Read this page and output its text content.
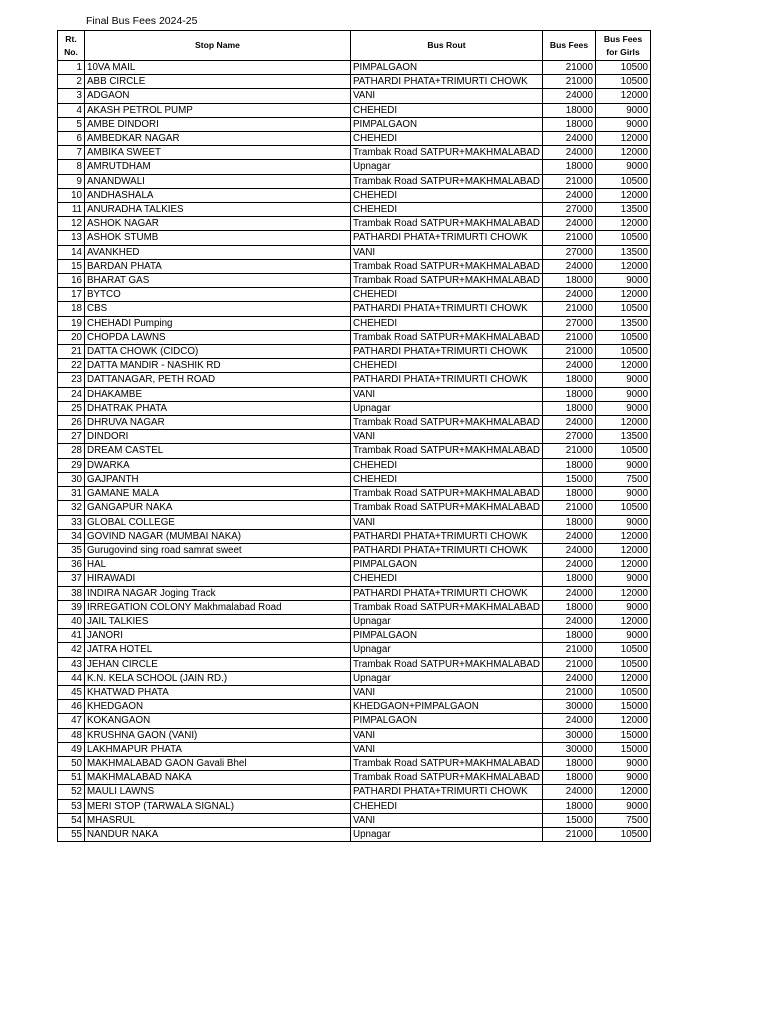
Final Bus Fees 2024-25
Rt.
No.	Stop Name	Bus Rout	Bus Fees	Bus Fees
for Girls
1	10VA MAIL	PIMPALGAON	21000	10500
2	ABB CIRCLE	PATHARDI PHATA+TRIMURTI CHOWK	21000	10500
3	ADGAON	VANI	24000	12000
4	AKASH PETROL PUMP	CHEHEDI	18000	9000
5	AMBE DINDORI	PIMPALGAON	18000	9000
6	AMBEDKAR NAGAR	CHEHEDI	24000	12000
7	AMBIKA SWEET	Trambak Road SATPUR+MAKHMALABAD	24000	12000
8	AMRUTDHAM	Upnagar	18000	9000
9	ANANDWALI	Trambak Road SATPUR+MAKHMALABAD	21000	10500
10	ANDHASHALA	CHEHEDI	24000	12000
11	ANURADHA TALKIES	CHEHEDI	27000	13500
12	ASHOK NAGAR	Trambak Road SATPUR+MAKHMALABAD	24000	12000
13	ASHOK STUMB	PATHARDI PHATA+TRIMURTI CHOWK	21000	10500
14	AVANKHED	VANI	27000	13500
15	BARDAN PHATA	Trambak Road SATPUR+MAKHMALABAD	24000	12000
16	BHARAT GAS	Trambak Road SATPUR+MAKHMALABAD	18000	9000
17	BYTCO	CHEHEDI	24000	12000
18	CBS	PATHARDI PHATA+TRIMURTI CHOWK	21000	10500
19	CHEHADI Pumping	CHEHEDI	27000	13500
20	CHOPDA LAWNS	Trambak Road SATPUR+MAKHMALABAD	21000	10500
21	DATTA CHOWK (CIDCO)	PATHARDI PHATA+TRIMURTI CHOWK	21000	10500
22	DATTA MANDIR - NASHIK RD	CHEHEDI	24000	12000
23	DATTANAGAR, PETH ROAD	PATHARDI PHATA+TRIMURTI CHOWK	18000	9000
24	DHAKAMBE	VANI	18000	9000
25	DHATRAK PHATA	Upnagar	18000	9000
26	DHRUVA NAGAR	Trambak Road SATPUR+MAKHMALABAD	24000	12000
27	DINDORI	VANI	27000	13500
28	DREAM CASTEL	Trambak Road SATPUR+MAKHMALABAD	21000	10500
29	DWARKA	CHEHEDI	18000	9000
30	GAJPANTH	CHEHEDI	15000	7500
31	GAMANE MALA	Trambak Road SATPUR+MAKHMALABAD	18000	9000
32	GANGAPUR NAKA	Trambak Road SATPUR+MAKHMALABAD	21000	10500
33	GLOBAL COLLEGE	VANI	18000	9000
34	GOVIND NAGAR (MUMBAI NAKA)	PATHARDI PHATA+TRIMURTI CHOWK	24000	12000
35	Gurugovind sing road samrat sweet	PATHARDI PHATA+TRIMURTI CHOWK	24000	12000
36	HAL	PIMPALGAON	24000	12000
37	HIRAWADI	CHEHEDI	18000	9000
38	INDIRA NAGAR Joging Track	PATHARDI PHATA+TRIMURTI CHOWK	24000	12000
39	IRREGATION COLONY Makhmalabad Road	Trambak Road SATPUR+MAKHMALABAD	18000	9000
40	JAIL TALKIES	Upnagar	24000	12000
41	JANORI	PIMPALGAON	18000	9000
42	JATRA HOTEL	Upnagar	21000	10500
43	JEHAN CIRCLE	Trambak Road SATPUR+MAKHMALABAD	21000	10500
44	K.N. KELA SCHOOL (JAIN RD.)	Upnagar	24000	12000
45	KHATWAD PHATA	VANI	21000	10500
46	KHEDGAON	KHEDGAON+PIMPALGAON	30000	15000
47	KOKANGAON	PIMPALGAON	24000	12000
48	KRUSHNA GAON (VANI)	VANI	30000	15000
49	LAKHMAPUR PHATA	VANI	30000	15000
50	MAKHMALABAD GAON Gavali Bhel	Trambak Road SATPUR+MAKHMALABAD	18000	9000
51	MAKHMALABAD NAKA	Trambak Road SATPUR+MAKHMALABAD	18000	9000
52	MAULI LAWNS	PATHARDI PHATA+TRIMURTI CHOWK	24000	12000
53	MERI STOP (TARWALA SIGNAL)	CHEHEDI	18000	9000
54	MHASRUL	VANI	15000	7500
55	NANDUR NAKA	Upnagar	21000	10500
